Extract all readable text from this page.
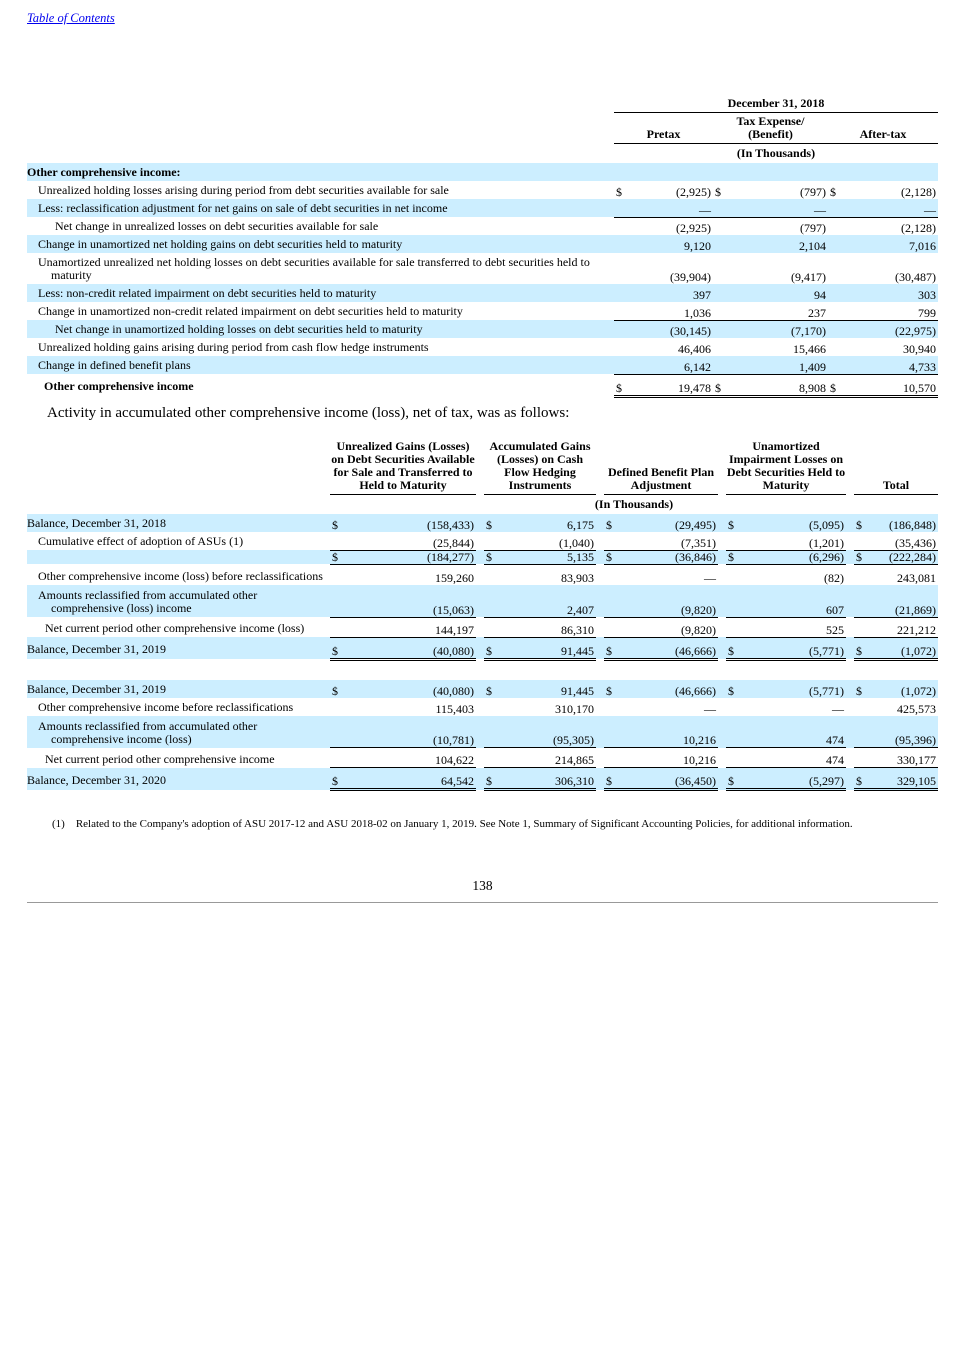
Table of Contents
	December 31, 2018					
	Pretax		Tax Expense/ (Benefit)		After-tax	
	(In Thousands)					
Other comprehensive income:						
Unrealized holding losses arising during period from debt securities available for sale	$	(2,925)	$	(797)	$	(2,128)
Less: reclassification adjustment for net gains on sale of debt securities in net income		—		—		—
Net change in unrealized losses on debt securities available for sale		(2,925)		(797)		(2,128)
Change in unamortized net holding gains on debt securities held to maturity		9,120		2,104		7,016

Unamortized unrealized net holding losses on debt securities available for sale transferred to debt securities held to maturity		(39,904)		(9,417)		(30,487)
Less: non-credit related impairment on debt securities held to maturity		397		94		303
Change in unamortized non-credit related impairment on debt securities held to maturity		1,036		237		799
Net change in unamortized holding losses on debt securities held to maturity		(30,145)		(7,170)		(22,975)
Unrealized holding gains arising during period from cash flow hedge instruments		46,406		15,466		30,940
Change in defined benefit plans		6,142		1,409		4,733
Other comprehensive income	$	19,478	$	8,908	$	10,570
Activity in accumulated other comprehensive income (loss), net of tax, was as follows:
	Unrealized Gains (Losses) on Debt Securities Available for Sale and Transferred to Held to Maturity			Accumulated Gains (Losses) on Cash Flow Hedging Instruments			Defined Benefit Plan Adjustment			Unamortized Impairment Losses on Debt Securities Held to Maturity			Total	
	(In Thousands)													
Balance, December 31, 2018	$	(158,433)		$	6,175		$	(29,495)		$	(5,095)		$	(186,848)
Cumulative effect of adoption of ASUs (1)		(25,844)			(1,040)			(7,351)			(1,201)			(35,436)
	$	(184,277)		$	5,135		$	(36,846)		$	(6,296)		$	(222,284)

Other comprehensive income (loss) before reclassifications		159,260			83,903			—			(82)			243,081

Amounts reclassified from accumulated other comprehensive (loss) income		(15,063)			2,407			(9,820)			607			(21,869)
Net current period other comprehensive income (loss)		144,197			86,310			(9,820)			525			221,212
Balance, December 31, 2019	$	(40,080)		$	91,445		$	(46,666)		$	(5,771)		$	(1,072)

Balance, December 31, 2019	$	(40,080)		$	91,445		$	(46,666)		$	(5,771)		$	(1,072)
Other comprehensive income before reclassifications		115,403			310,170			—			—			425,573

Amounts reclassified from accumulated other comprehensive income (loss)		(10,781)			(95,305)			10,216			474			(95,396)
Net current period other comprehensive income		104,622			214,865			10,216			474			330,177
Balance, December 31, 2020	$	64,542		$	306,310		$	(36,450)		$	(5,297)		$	329,105
(1) Related to the Company's adoption of ASU 2017-12 and ASU 2018-02 on January 1, 2019. See Note 1, Summary of Significant Accounting Policies, for additional information.
138
